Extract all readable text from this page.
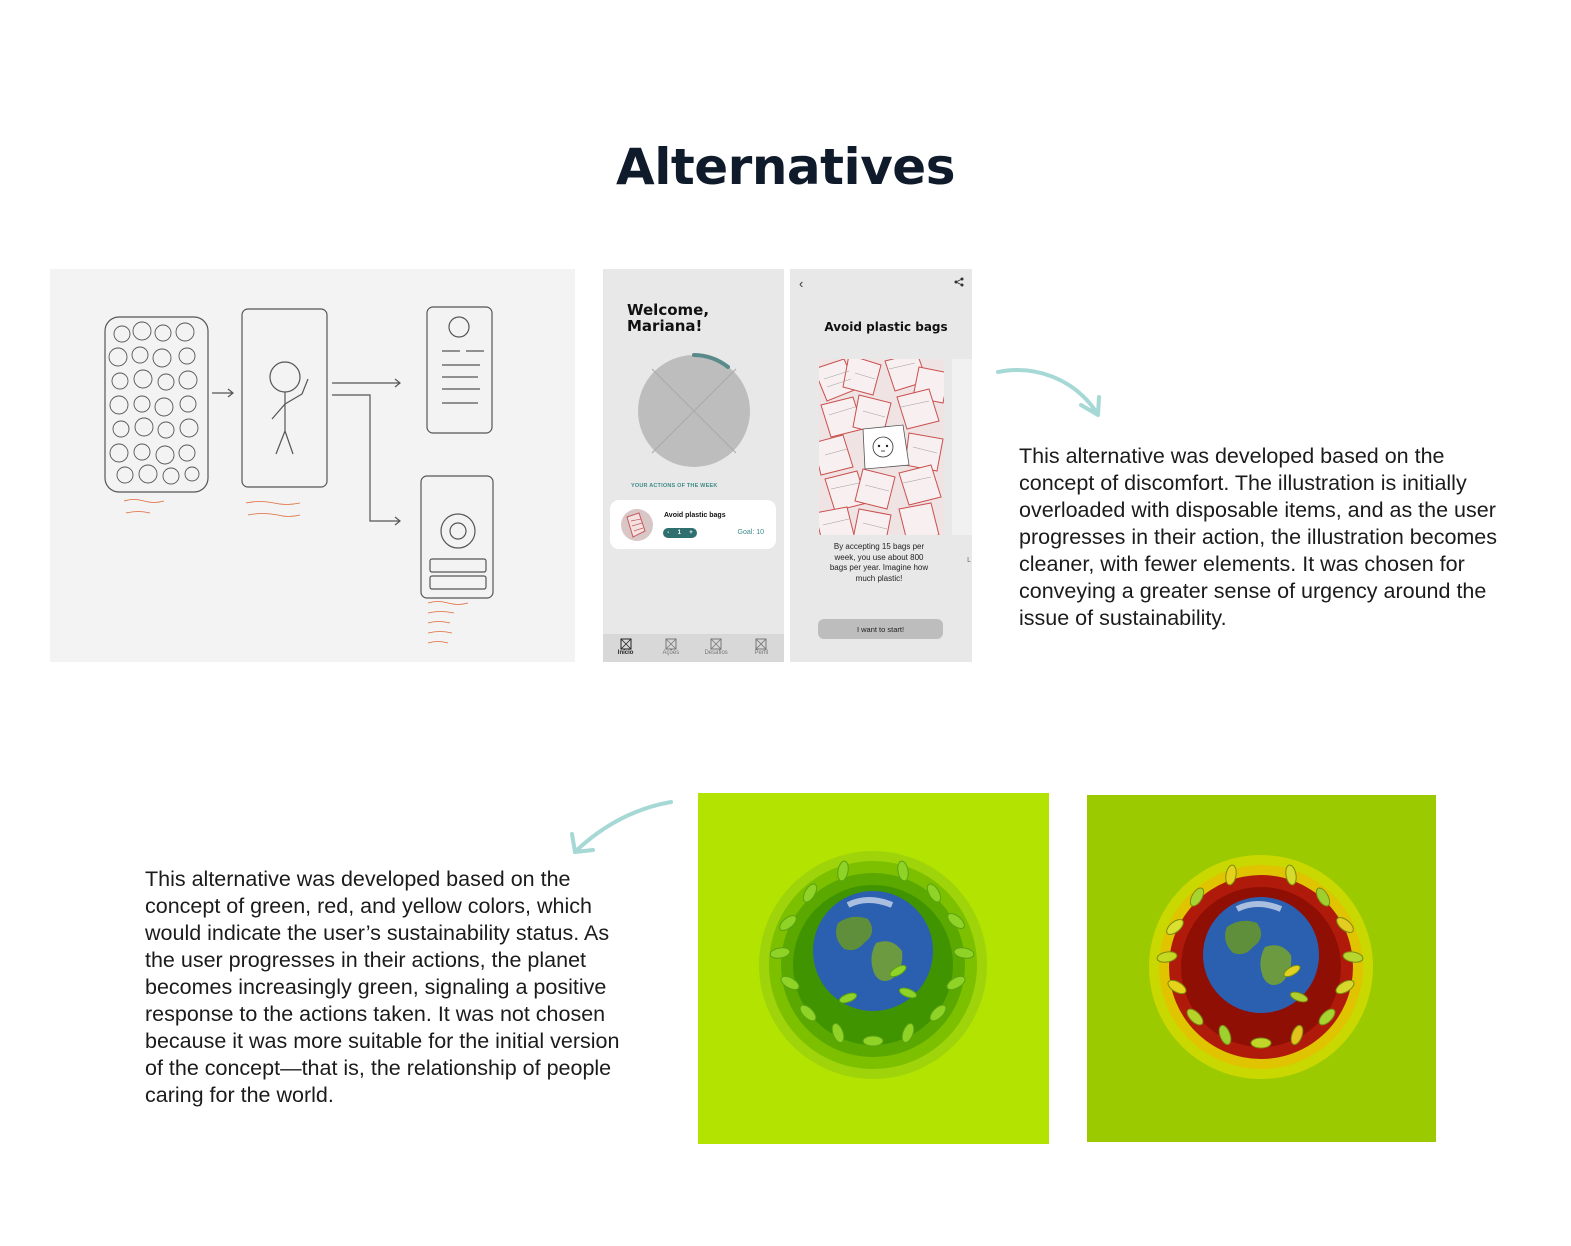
Alternatives
Welcome,
Mariana!
YOUR ACTIONS OF THE WEEK
Avoid plastic bags
- 1 +	Goal: 10
Início	Ações	Desafios	Perfil
‹
Avoid plastic bags
L
By accepting 15 bags per week, you use about 800 bags per year. Imagine how much plastic!
I want to start!

This alternative was developed based on the concept of discomfort. The illustration is initially overloaded with disposable items, and as the user progresses in their action, the illustration becomes cleaner, with fewer elements. It was chosen for conveying a greater sense of urgency around the issue of sustainability.

This alternative was developed based on the concept of green, red, and yellow colors, which would indicate the user’s sustainability status. As the user progresses in their actions, the planet becomes increasingly green, signaling a positive response to the actions taken. It was not chosen because it was more suitable for the initial version of the concept—that is, the relationship of people caring for the world.
